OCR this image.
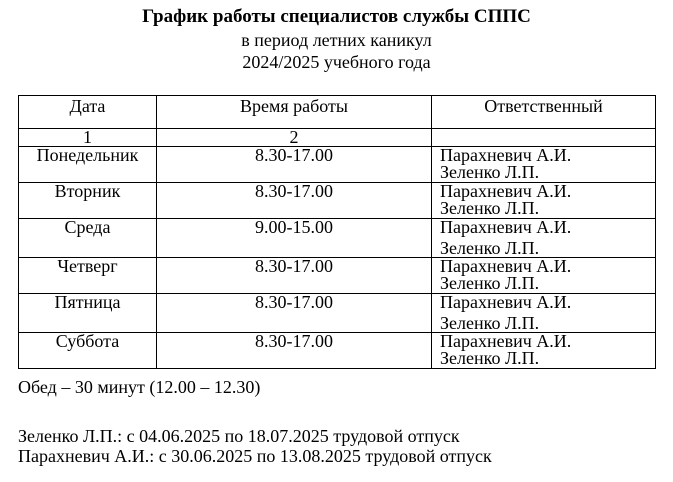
График работы специалистов службы СППС
в период летних каникул
2024/2025 учебного года
Дата	Время работы	Ответственный
1	2	
Понедельник	8.30-17.00	Парахневич А.И.
Зеленко Л.П.
Вторник	8.30-17.00	Парахневич А.И.
Зеленко Л.П.
Среда	9.00-15.00	Парахневич А.И.
Зеленко Л.П.

Четверг	8.30-17.00	Парахневич А.И.
Зеленко Л.П.
Пятница	8.30-17.00	Парахневич А.И.
Зеленко Л.П.

Суббота	8.30-17.00	Парахневич А.И.
Зеленко Л.П.
Обед – 30 минут (12.00 – 12.30)
Зеленко Л.П.: с 04.06.2025 по 18.07.2025 трудовой отпуск
Парахневич А.И.: с 30.06.2025 по 13.08.2025 трудовой отпуск
